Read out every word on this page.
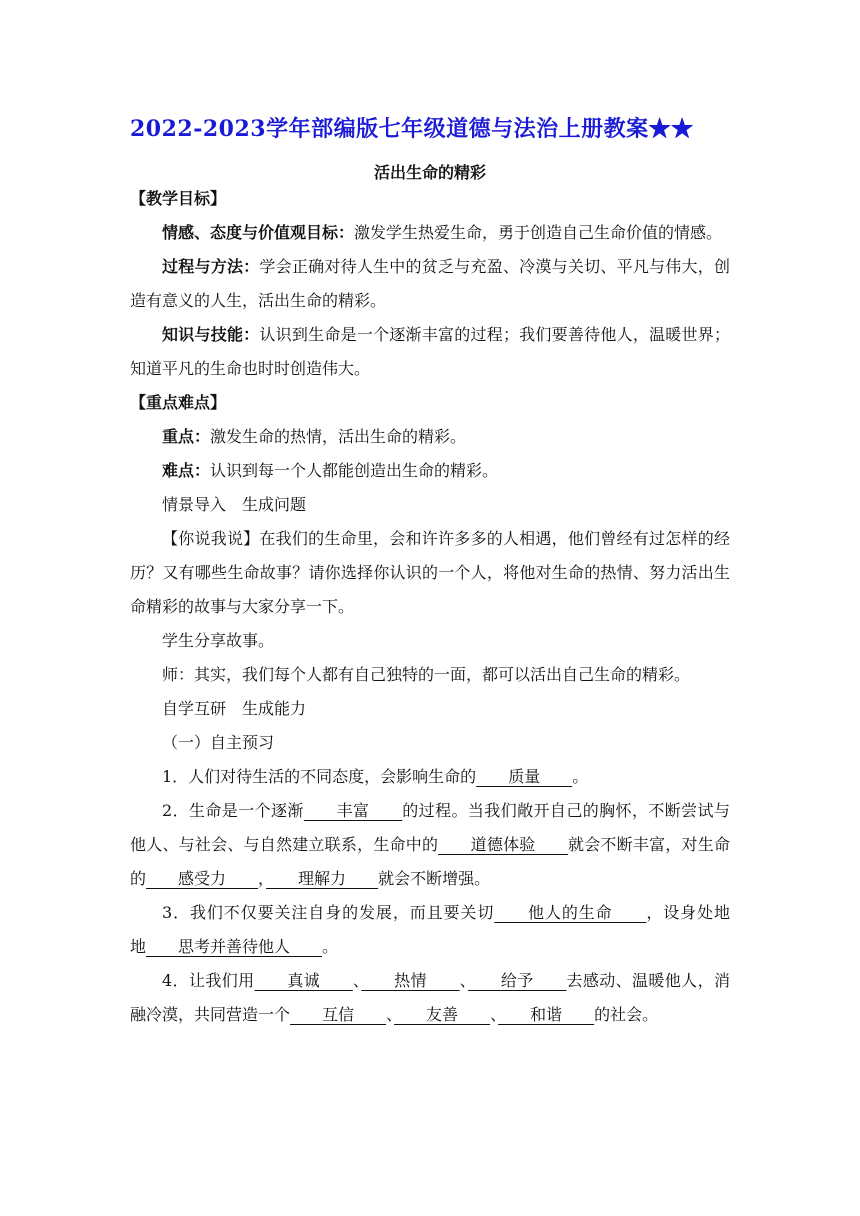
2022-2023学年部编版七年级道德与法治上册教案★★
活出生命的精彩

【教学目标】

情感、态度与价值观目标：激发学生热爱生命，勇于创造自己生命价值的情感。

过程与方法：学会正确对待人生中的贫乏与充盈、冷漠与关切、平凡与伟大，创造有意义的人生，活出生命的精彩。

知识与技能：认识到生命是一个逐渐丰富的过程；我们要善待他人，温暖世界；知道平凡的生命也时时创造伟大。

【重点难点】

重点：激发生命的热情，活出生命的精彩。

难点：认识到每一个人都能创造出生命的精彩。

情景导入　生成问题

【你说我说】在我们的生命里，会和许许多多的人相遇，他们曾经有过怎样的经历？又有哪些生命故事？请你选择你认识的一个人，将他对生命的热情、努力活出生命精彩的故事与大家分享一下。

学生分享故事。

师：其实，我们每个人都有自己独特的一面，都可以活出自己生命的精彩。

自学互研　生成能力

（一）自主预习

1．人们对待生活的不同态度，会影响生命的　　质量　　。

2．生命是一个逐渐　　丰富　　的过程。当我们敞开自己的胸怀，不断尝试与他人、与社会、与自然建立联系，生命中的　　道德体验　　就会不断丰富，对生命的　　感受力　　，　　理解力　　就会不断增强。

3．我们不仅要关注自身的发展，而且要关切　　他人的生命　　，设身处地地　　思考并善待他人　　。

4．让我们用　　真诚　　、　　热情　　、　　给予　　去感动、温暖他人，消融冷漠，共同营造一个　　互信　　、　　友善　　、　　和谐　　的社会。
